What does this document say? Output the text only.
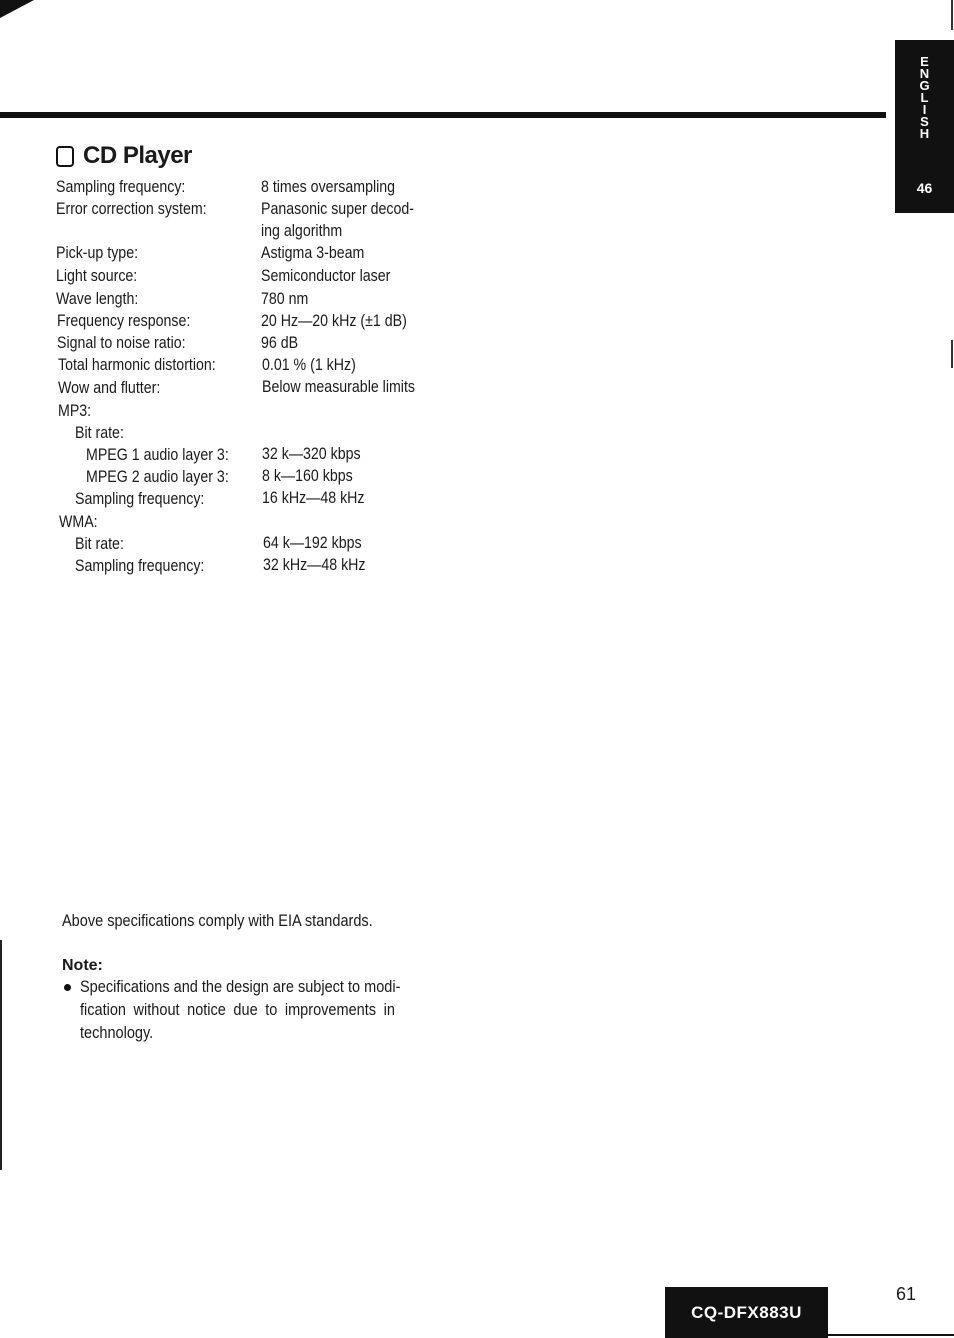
E
N
G
L
I
S
H
46
CD Player
Sampling frequency:	8 times oversampling
Error correction system:	Panasonic super decod-
ing algorithm
Pick-up type:	Astigma 3-beam
Light source:	Semiconductor laser
Wave length:	780 nm
Frequency response:	20 Hz—20 kHz (±1 dB)
Signal to noise ratio:	96 dB
Total harmonic distortion:	0.01 % (1 kHz)
Wow and flutter:	Below measurable limits
MP3:
Bit rate:
MPEG 1 audio layer 3: 32 k—320 kbps
MPEG 2 audio layer 3: 8 k—160 kbps
Sampling frequency:	16 kHz—48 kHz
WMA:
Bit rate:	64 k—192 kbps
Sampling frequency:	32 kHz—48 kHz
Above specifications comply with EIA standards.
Note:
Specifications and the design are subject to modi-
fication without notice due to improvements in
technology.
CQ-DFX883U
61
